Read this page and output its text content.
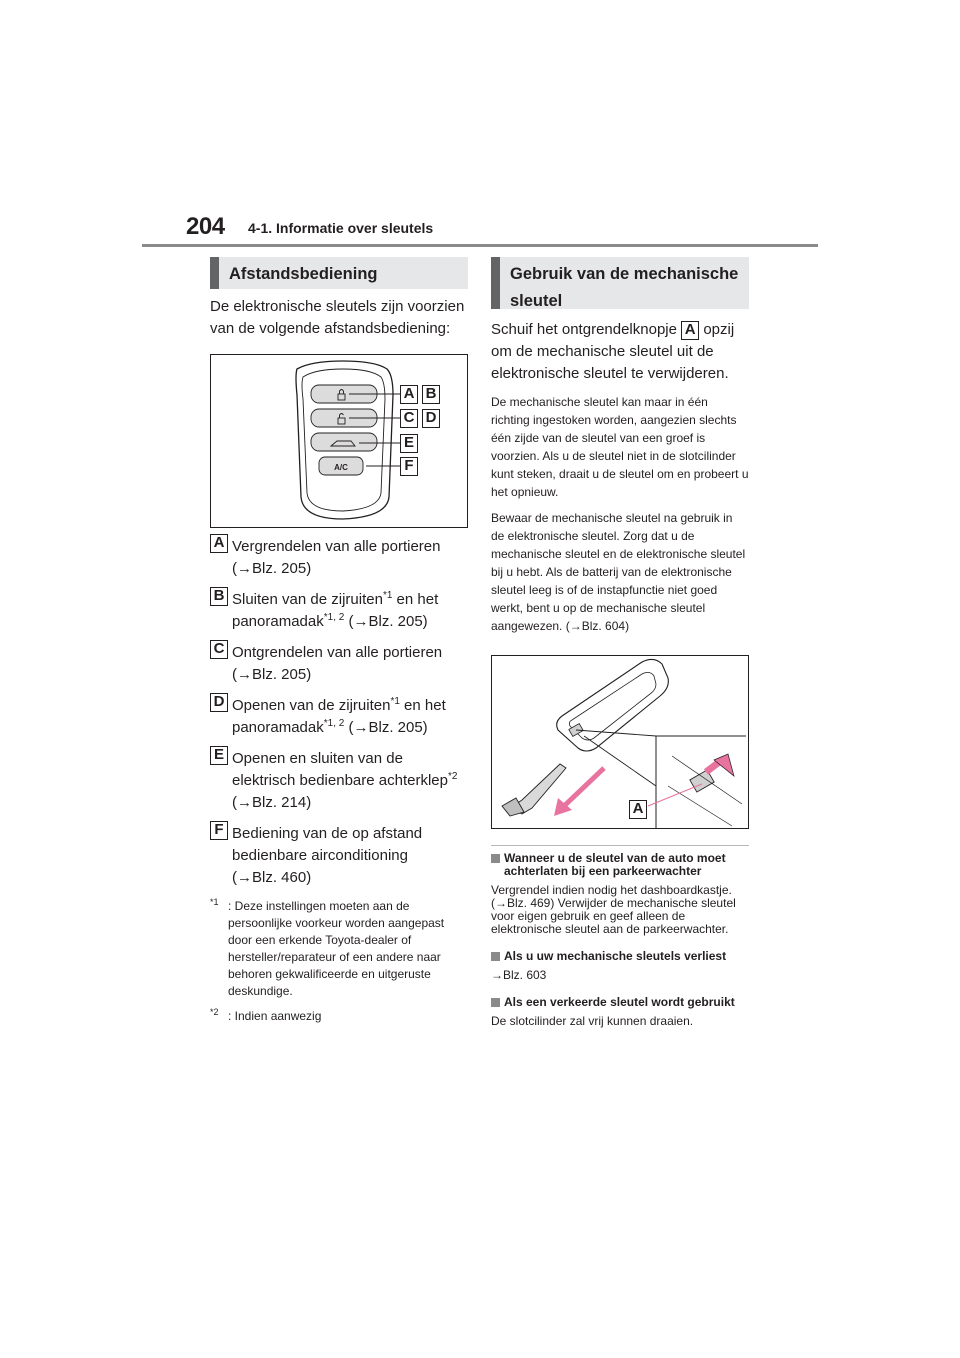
204 4-1. Informatie over sleutels
Afstandsbediening

De elektronische sleutels zijn voorzien van de volgende afstandsbediening:

A/C
A B
C D
E
F
A Vergrendelen van alle portieren
(→Blz. 205)
B Sluiten van de zijruiten$^{*1}$ en het panoramadak$^{*1, 2}$ (→Blz. 205)
C Ontgrendelen van alle portieren
(→Blz. 205)
D Openen van de zijruiten$^{*1}$ en het panoramadak$^{*1, 2}$ (→Blz. 205)
E Openen en sluiten van de elektrisch bedienbare achterklep$^{*2}$
(→Blz. 214)
F Bediening van de op afstand bedienbare airconditioning
(→Blz. 460)
$^{*1}$ : Deze instellingen moeten aan de persoonlijke voorkeur worden aangepast door een erkende Toyota-dealer of hersteller/reparateur of een andere naar behoren gekwalificeerde en uitgeruste deskundige.
$^{*2}$ : Indien aanwezig
Gebruik van de mechanische sleutel

Schuif het ontgrendelknopje A opzij om de mechanische sleutel uit de elektronische sleutel te verwijderen.

De mechanische sleutel kan maar in één richting ingestoken worden, aangezien slechts één zijde van de sleutel van een groef is voorzien. Als u de sleutel niet in de slotcilinder kunt steken, draait u de sleutel om en probeert u het opnieuw.

Bewaar de mechanische sleutel na gebruik in de elektronische sleutel. Zorg dat u de mechanische sleutel en de elektronische sleutel bij u hebt. Als de batterij van de elektronische sleutel leeg is of de instapfunctie niet goed werkt, bent u op de mechanische sleutel aangewezen. (→Blz. 604)

A
Wanneer u de sleutel van de auto moet achterlaten bij een parkeerwachter

Vergrendel indien nodig het dashboardkastje. (→Blz. 469) Verwijder de mechanische sleutel voor eigen gebruik en geef alleen de elektronische sleutel aan de parkeerwachter.

Als u uw mechanische sleutels verliest

→Blz. 603

Als een verkeerde sleutel wordt gebruikt

De slotcilinder zal vrij kunnen draaien.
